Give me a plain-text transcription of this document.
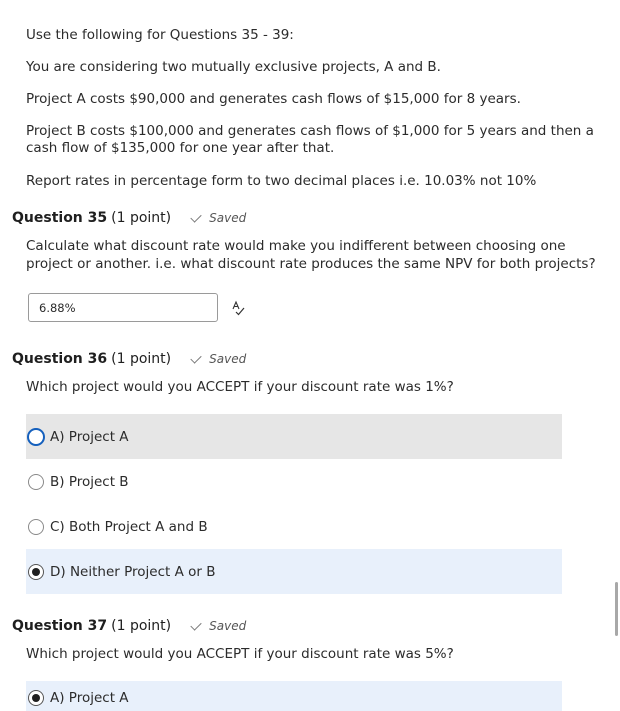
Use the following for Questions 35 - 39:

You are considering two mutually exclusive projects, A and B.

Project A costs $90,000 and generates cash flows of $15,000 for 8 years.

Project B costs $100,000 and generates cash flows of $1,000 for 5 years and then a

cash flow of $135,000 for one year after that.

Report rates in percentage form to two decimal places i.e. 10.03% not 10%

Question 35 (1 point)	Saved

Calculate what discount rate would make you indifferent between choosing one

project or another. i.e. what discount rate produces the same NPV for both projects?

6.88%
Question 36 (1 point)	Saved

Which project would you ACCEPT if your discount rate was 1%?

A) Project A
B) Project B
C) Both Project A and B
D) Neither Project A or B
Question 37 (1 point)	Saved

Which project would you ACCEPT if your discount rate was 5%?

A) Project A
